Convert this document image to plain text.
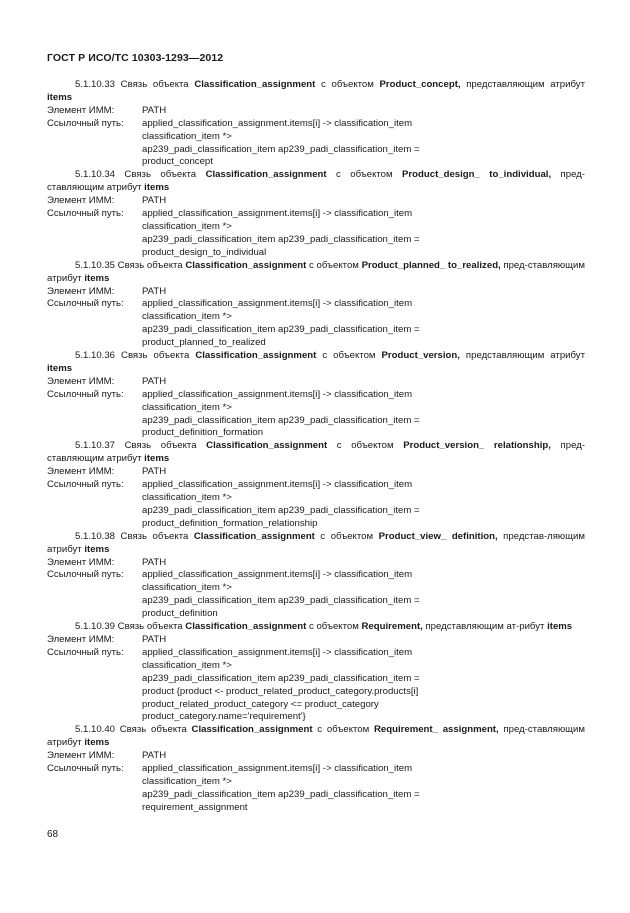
ГОСТ Р ИСО/ТС 10303-1293—2012
5.1.10.33 Связь объекта Classification_assignment с объектом Product_concept, представляющим атрибут items
Элемент ИММ:	PATH
Ссылочный путь:	applied_classification_assignment.items[i] -> classification_item
classification_item *>
ap239_padi_classification_item ap239_padi_classification_item =
product_concept
5.1.10.34 Связь объекта Classification_assignment с объектом Product_design_ to_individual, пред-ставляющим атрибут items
Элемент ИММ:	PATH
Ссылочный путь:	applied_classification_assignment.items[i] -> classification_item
classification_item *>
ap239_padi_classification_item ap239_padi_classification_item =
product_design_to_individual
5.1.10.35 Связь объекта Classification_assignment с объектом Product_planned_ to_realized, пред-ставляющим атрибут items
Элемент ИММ:	PATH
Ссылочный путь:	applied_classification_assignment.items[i] -> classification_item
classification_item *>
ap239_padi_classification_item ap239_padi_classification_item =
product_planned_to_realized
5.1.10.36 Связь объекта Classification_assignment с объектом Product_version, представляющим атрибут items
Элемент ИММ:	PATH
Ссылочный путь:	applied_classification_assignment.items[i] -> classification_item
classification_item *>
ap239_padi_classification_item ap239_padi_classification_item =
product_definition_formation
5.1.10.37 Связь объекта Classification_assignment с объектом Product_version_ relationship, пред-ставляющим атрибут items
Элемент ИММ:	PATH
Ссылочный путь:	applied_classification_assignment.items[i] -> classification_item
classification_item *>
ap239_padi_classification_item ap239_padi_classification_item =
product_definition_formation_relationship
5.1.10.38 Связь объекта Classification_assignment с объектом Product_view_ definition, представ-ляющим атрибут items
Элемент ИММ:	PATH
Ссылочный путь:	applied_classification_assignment.items[i] -> classification_item
classification_item *>
ap239_padi_classification_item ap239_padi_classification_item =
product_definition
5.1.10.39 Связь объекта Classification_assignment с объектом Requirement, представляющим ат-рибут items
Элемент ИММ:	PATH
Ссылочный путь:	applied_classification_assignment.items[i] -> classification_item
classification_item *>
ap239_padi_classification_item ap239_padi_classification_item =
product {product <- product_related_product_category.products[i]
product_related_product_category <= product_category
product_category.name='requirement'}
5.1.10.40 Связь объекта Classification_assignment с объектом Requirement_ assignment, пред-ставляющим атрибут items
Элемент ИММ:	PATH
Ссылочный путь:	applied_classification_assignment.items[i] -> classification_item
classification_item *>
ap239_padi_classification_item ap239_padi_classification_item =
requirement_assignment
68
